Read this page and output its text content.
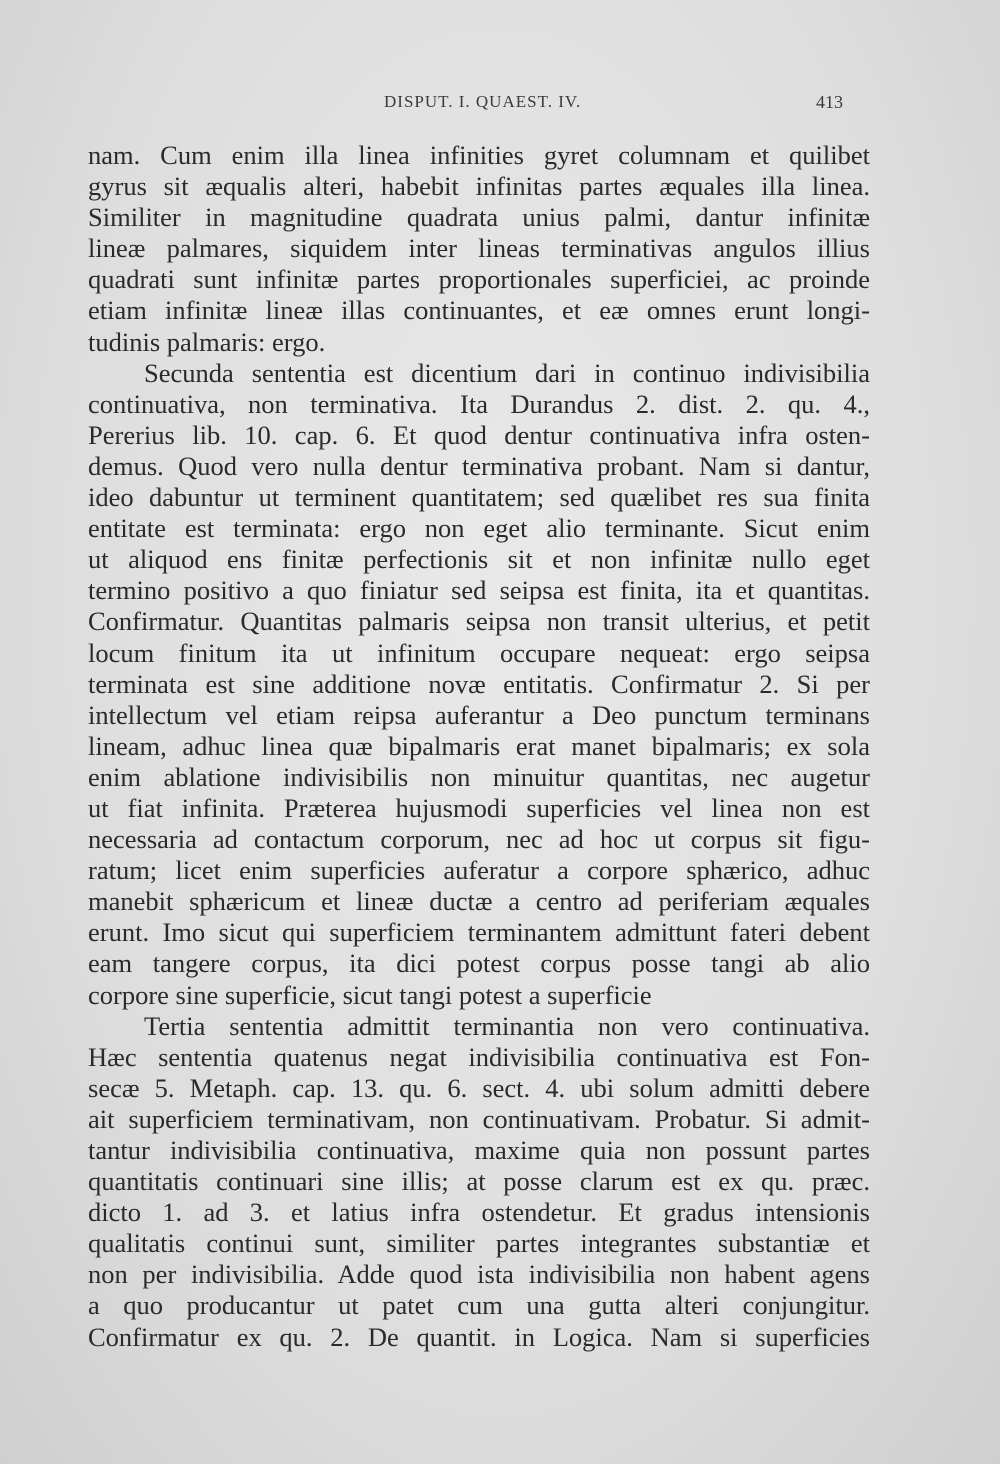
DISPUT. I. QUAEST. IV.	413
nam. Cum enim illa linea infinities gyret columnam et quilibet
gyrus sit æqualis alteri, habebit infinitas partes æquales illa linea.
Similiter in magnitudine quadrata unius palmi, dantur infinitæ
lineæ palmares, siquidem inter lineas terminativas angulos illius
quadrati sunt infinitæ partes proportionales superficiei, ac proinde
etiam infinitæ lineæ illas continuantes, et eæ omnes erunt longi-
tudinis palmaris: ergo.
Secunda sententia est dicentium dari in continuo indivisibilia
continuativa, non terminativa. Ita Durandus 2. dist. 2. qu. 4.,
Pererius lib. 10. cap. 6. Et quod dentur continuativa infra osten-
demus. Quod vero nulla dentur terminativa probant. Nam si dantur,
ideo dabuntur ut terminent quantitatem; sed quælibet res sua finita
entitate est terminata: ergo non eget alio terminante. Sicut enim
ut aliquod ens finitæ perfectionis sit et non infinitæ nullo eget
termino positivo a quo finiatur sed seipsa est finita, ita et quantitas.
Confirmatur. Quantitas palmaris seipsa non transit ulterius, et petit
locum finitum ita ut infinitum occupare nequeat: ergo seipsa
terminata est sine additione novæ entitatis. Confirmatur 2. Si per
intellectum vel etiam reipsa auferantur a Deo punctum terminans
lineam, adhuc linea quæ bipalmaris erat manet bipalmaris; ex sola
enim ablatione indivisibilis non minuitur quantitas, nec augetur
ut fiat infinita. Præterea hujusmodi superficies vel linea non est
necessaria ad contactum corporum, nec ad hoc ut corpus sit figu-
ratum; licet enim superficies auferatur a corpore sphærico, adhuc
manebit sphæricum et lineæ ductæ a centro ad periferiam æquales
erunt. Imo sicut qui superficiem terminantem admittunt fateri debent
eam tangere corpus, ita dici potest corpus posse tangi ab alio
corpore sine superficie, sicut tangi potest a superficie
Tertia sententia admittit terminantia non vero continuativa.
Hæc sententia quatenus negat indivisibilia continuativa est Fon-
secæ 5. Metaph. cap. 13. qu. 6. sect. 4. ubi solum admitti debere
ait superficiem terminativam, non continuativam. Probatur. Si admit-
tantur indivisibilia continuativa, maxime quia non possunt partes
quantitatis continuari sine illis; at posse clarum est ex qu. præc.
dicto 1. ad 3. et latius infra ostendetur. Et gradus intensionis
qualitatis continui sunt, similiter partes integrantes substantiæ et
non per indivisibilia. Adde quod ista indivisibilia non habent agens
a quo producantur ut patet cum una gutta alteri conjungitur.
Confirmatur ex qu. 2. De quantit. in Logica. Nam si superficies
